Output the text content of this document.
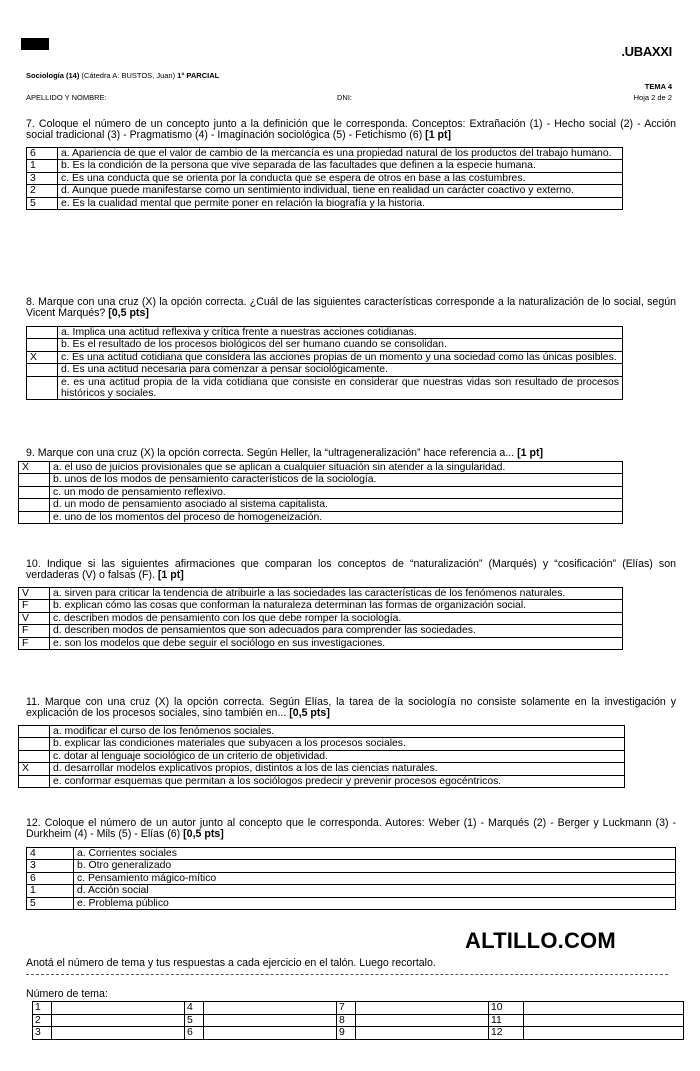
.UBAXXI
Sociología (14) (Cátedra A: BUSTOS, Juan) 1° PARCIAL
TEMA 4
APELLIDO Y NOMBRE:	DNI:	Hoja 2 de 2
7. Coloque el número de un concepto junto a la definición que le corresponda. Conceptos: Extrañación (1) - Hecho social (2) - Acción social tradicional (3) - Pragmatismo (4) - Imaginación sociológica (5) - Fetichismo (6) [1 pt]
6	a. Apariencia de que el valor de cambio de la mercancía es una propiedad natural de los productos del trabajo humano.
1	b. Es la condición de la persona que vive separada de las facultades que definen a la especie humana.
3	c. Es una conducta que se orienta por la conducta que se espera de otros en base a las costumbres.
2	d. Aunque puede manifestarse como un sentimiento individual, tiene en realidad un carácter coactivo y externo.
5	e. Es la cualidad mental que permite poner en relación la biografía y la historia.
8. Marque con una cruz (X) la opción correcta. ¿Cuál de las siguientes características corresponde a la naturalización de lo social, según Vicent Marqués? [0,5 pts]
	a. Implica una actitud reflexiva y crítica frente a nuestras acciones cotidianas.
	b. Es el resultado de los procesos biológicos del ser humano cuando se consolidan.
X	c. Es una actitud cotidiana que considera las acciones propias de un momento y una sociedad como las únicas posibles.
	d. Es una actitud necesaria para comenzar a pensar sociológicamente.
	e. es una actitud propia de la vida cotidiana que consiste en considerar que nuestras vidas son resultado de procesos históricos y sociales.
9. Marque con una cruz (X) la opción correcta. Según Heller, la “ultrageneralización” hace referencia a... [1 pt]
X	a. el uso de juicios provisionales que se aplican a cualquier situación sin atender a la singularidad.
	b. unos de los modos de pensamiento característicos de la sociología.
	c. un modo de pensamiento reflexivo.
	d. un modo de pensamiento asociado al sistema capitalista.
	e. uno de los momentos del proceso de homogeneización.
10. Indique si las siguientes afirmaciones que comparan los conceptos de “naturalización” (Marqués) y “cosificación” (Elías) son verdaderas (V) o falsas (F). [1 pt]
V	a. sirven para criticar la tendencia de atribuirle a las sociedades las características de los fenómenos naturales.
F	b. explican cómo las cosas que conforman la naturaleza determinan las formas de organización social.
V	c. describen modos de pensamiento con los que debe romper la sociología.
F	d. describen modos de pensamientos que son adecuados para comprender las sociedades.
F	e. son los modelos que debe seguir el sociólogo en sus investigaciones.
11. Marque con una cruz (X) la opción correcta. Según Elías, la tarea de la sociología no consiste solamente en la investigación y explicación de los procesos sociales, sino también en... [0,5 pts]
	a. modificar el curso de los fenómenos sociales.
	b. explicar las condiciones materiales que subyacen a los procesos sociales.
	c. dotar al lenguaje sociológico de un criterio de objetividad.
X	d. desarrollar modelos explicativos propios, distintos a los de las ciencias naturales.
	e. conformar esquemas que permitan a los sociólogos predecir y prevenir procesos egocéntricos.
12. Coloque el número de un autor junto al concepto que le corresponda. Autores: Weber (1) - Marqués (2) - Berger y Luckmann (3) - Durkheim (4) - Mils (5) - Elías (6) [0,5 pts]
4	a. Corrientes sociales
3	b. Otro generalizado
6	c. Pensamiento mágico-mítico
1	d. Acción social
5	e. Problema público
ALTILLO.COM
Anotá el número de tema y tus respuestas a cada ejercicio en el talón. Luego recortalo.
Número de tema:
1		4		7		10	
2		5		8		11	
3		6		9		12	
